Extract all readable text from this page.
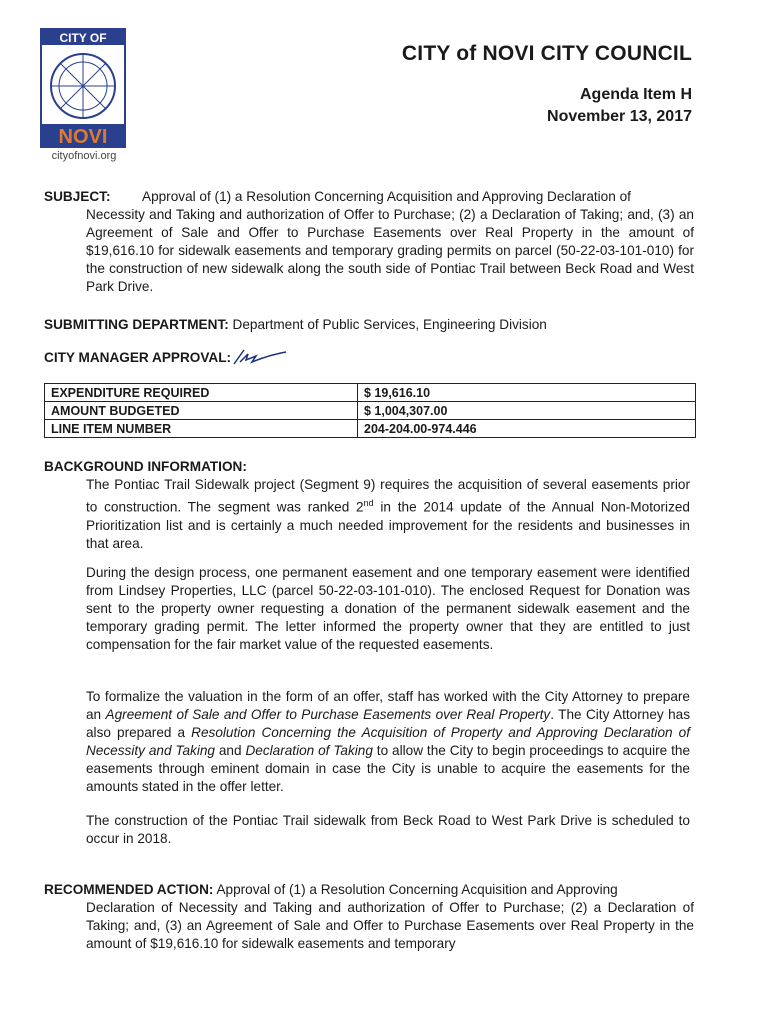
CITY OF
NOVI
cityofnovi.org
CITY of NOVI CITY COUNCIL
Agenda Item H
November 13, 2017
SUBJECT: Approval of (1) a Resolution Concerning Acquisition and Approving Declaration of
Necessity and Taking and authorization of Offer to Purchase; (2) a Declaration of Taking; and, (3) an Agreement of Sale and Offer to Purchase Easements over Real Property in the amount of $19,616.10 for sidewalk easements and temporary grading permits on parcel (50-22-03-101-010) for the construction of new sidewalk along the south side of Pontiac Trail between Beck Road and West Park Drive.
SUBMITTING DEPARTMENT: Department of Public Services, Engineering Division
CITY MANAGER APPROVAL:
EXPENDITURE REQUIRED	$ 19,616.10
AMOUNT BUDGETED	$ 1,004,307.00
LINE ITEM NUMBER	204-204.00-974.446
BACKGROUND INFORMATION:
The Pontiac Trail Sidewalk project (Segment 9) requires the acquisition of several easements prior to construction. The segment was ranked 2nd in the 2014 update of the Annual Non-Motorized Prioritization list and is certainly a much needed improvement for the residents and businesses in that area.
During the design process, one permanent easement and one temporary easement were identified from Lindsey Properties, LLC (parcel 50-22-03-101-010). The enclosed Request for Donation was sent to the property owner requesting a donation of the permanent sidewalk easement and the temporary grading permit. The letter informed the property owner that they are entitled to just compensation for the fair market value of the requested easements.
To formalize the valuation in the form of an offer, staff has worked with the City Attorney to prepare an Agreement of Sale and Offer to Purchase Easements over Real Property. The City Attorney has also prepared a Resolution Concerning the Acquisition of Property and Approving Declaration of Necessity and Taking and Declaration of Taking to allow the City to begin proceedings to acquire the easements through eminent domain in case the City is unable to acquire the easements for the amounts stated in the offer letter.
The construction of the Pontiac Trail sidewalk from Beck Road to West Park Drive is scheduled to occur in 2018.
RECOMMENDED ACTION: Approval of (1) a Resolution Concerning Acquisition and Approving
Declaration of Necessity and Taking and authorization of Offer to Purchase; (2) a Declaration of Taking; and, (3) an Agreement of Sale and Offer to Purchase Easements over Real Property in the amount of $19,616.10 for sidewalk easements and temporary
